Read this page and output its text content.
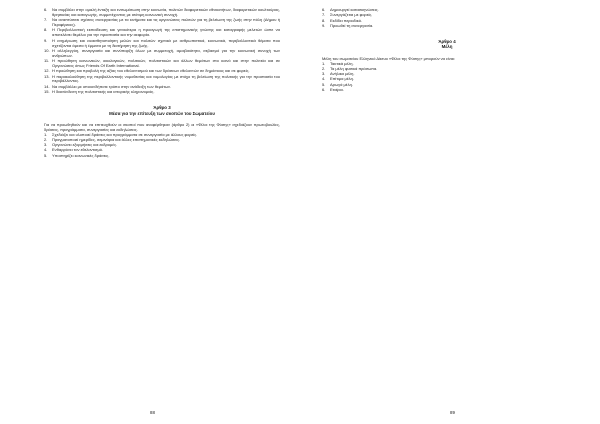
6.	Να συμβάλει στην ομαλή ένταξη και ενσωμάτωση στην κοινωνία, πολιτών διαφορετικών εθνικοτήτων, διαφορετικών κουλτούρας, θρησκείας και καταγωγής, συμμετέχοντας με ισότιμη κοινωνική συνοχή.
7.	Να αναπτύσσει σχέσεις συνεργασίας με τα κινήματα και τις οργανώσεις πολιτών για τη βελτίωση της ζωής στην πόλη (Δήμου ή Περιφέρειας).
8.	Η Περιβαλλοντική εκπαίδευση και γενικότερα η προαγωγή της επιστημονικής γνώσης και καταγραφής μελετών ώστε να αποτελέσει θεμέλιο για την προστασία και την αειφορία.
9.	Η ενημέρωση και ευαισθητοποίηση μελών και πολιτών σχετικά με ανθρωπιστικά, κοινωνικά, περιβαλλοντικά θέματα που σχετίζονται άμεσα ή έμμεσα με τη διατήρηση της ζωής.
10. Η αλληλεγγύη, συνεργασία και συνύπαρξη όλων με συμμετοχή, αμοιβαιότητα, σεβασμό για την κοινωνική συνοχή των ανθρώπων.
11. Η προώθηση κοινωνικών, οικολογικών, πολιτικών, πολιτιστικών και άλλων θεμάτων στο κοινό και στην πολιτεία και σε Οργανώσεις όπως Friends Of Earth International.
12. Η προώθηση και προβολή της αξίας του εθελοντισμού και των δράσεων εθελοντών σε δημόσιους και σε φορείς.
13. Η παρακολούθηση της περιβαλλοντικής νομοθεσίας και νομολογίας με στόχο τη βελτίωση της πολιτικής για την προστασία του περιβάλλοντος.
14. Να συμβάλλει με οποιονδήποτε τρόπο στην ανάδειξη των θεμάτων.
15. Η διασύνδεση της πολιτιστικής και ιστορικής κληρονομιάς.
Άρθρο 3
Μέσα για την επίτευξη των σκοπών του Σωματείου

Για να προωθηθούν και να επιτευχθούν οι σκοποί που αναφέρθηκαν (άρθρο 2) οι «Φίλοι της Φύσης» σχεδιάζουν πρωτοβουλίες, δράσεις, προγράμματα, συνεργασίες και εκδηλώσεις.

1.	Σχεδιάζει και υλοποιεί δράσεις και προγράμματα σε συνεργασία με άλλους φορείς.
2.	Πραγματοποιεί ημερίδες, σεμινάρια και άλλες επιστημονικές εκδηλώσεις.
3.	Οργανώνει εξορμήσεις και εκδρομές.
4.	Ενθαρρύνει τον εθελοντισμό.
5.	Υποστηρίζει κοινωνικές δράσεις.
88
6.	Δημιουργεί κατασκηνώσεις.
7.	Συνεργάζεται με φορείς.
8.	Εκδίδει περιοδικό.
9.	Προωθεί τη συνεργασία.
Άρθρο 4
Μέλη

Μέλη του σωματείου Ελληνικό Δίκτυο «Φίλοι της Φύσης» μπορούν να είναι:

1.	Τακτικά μέλη.
2.	Τα μέλη φυσικά πρόσωπα.
3.	Ανήλικα μέλη.
4.	Επίτιμα μέλη.
5.	Αρωγά μέλη.
6.	Εταίροι.
89
